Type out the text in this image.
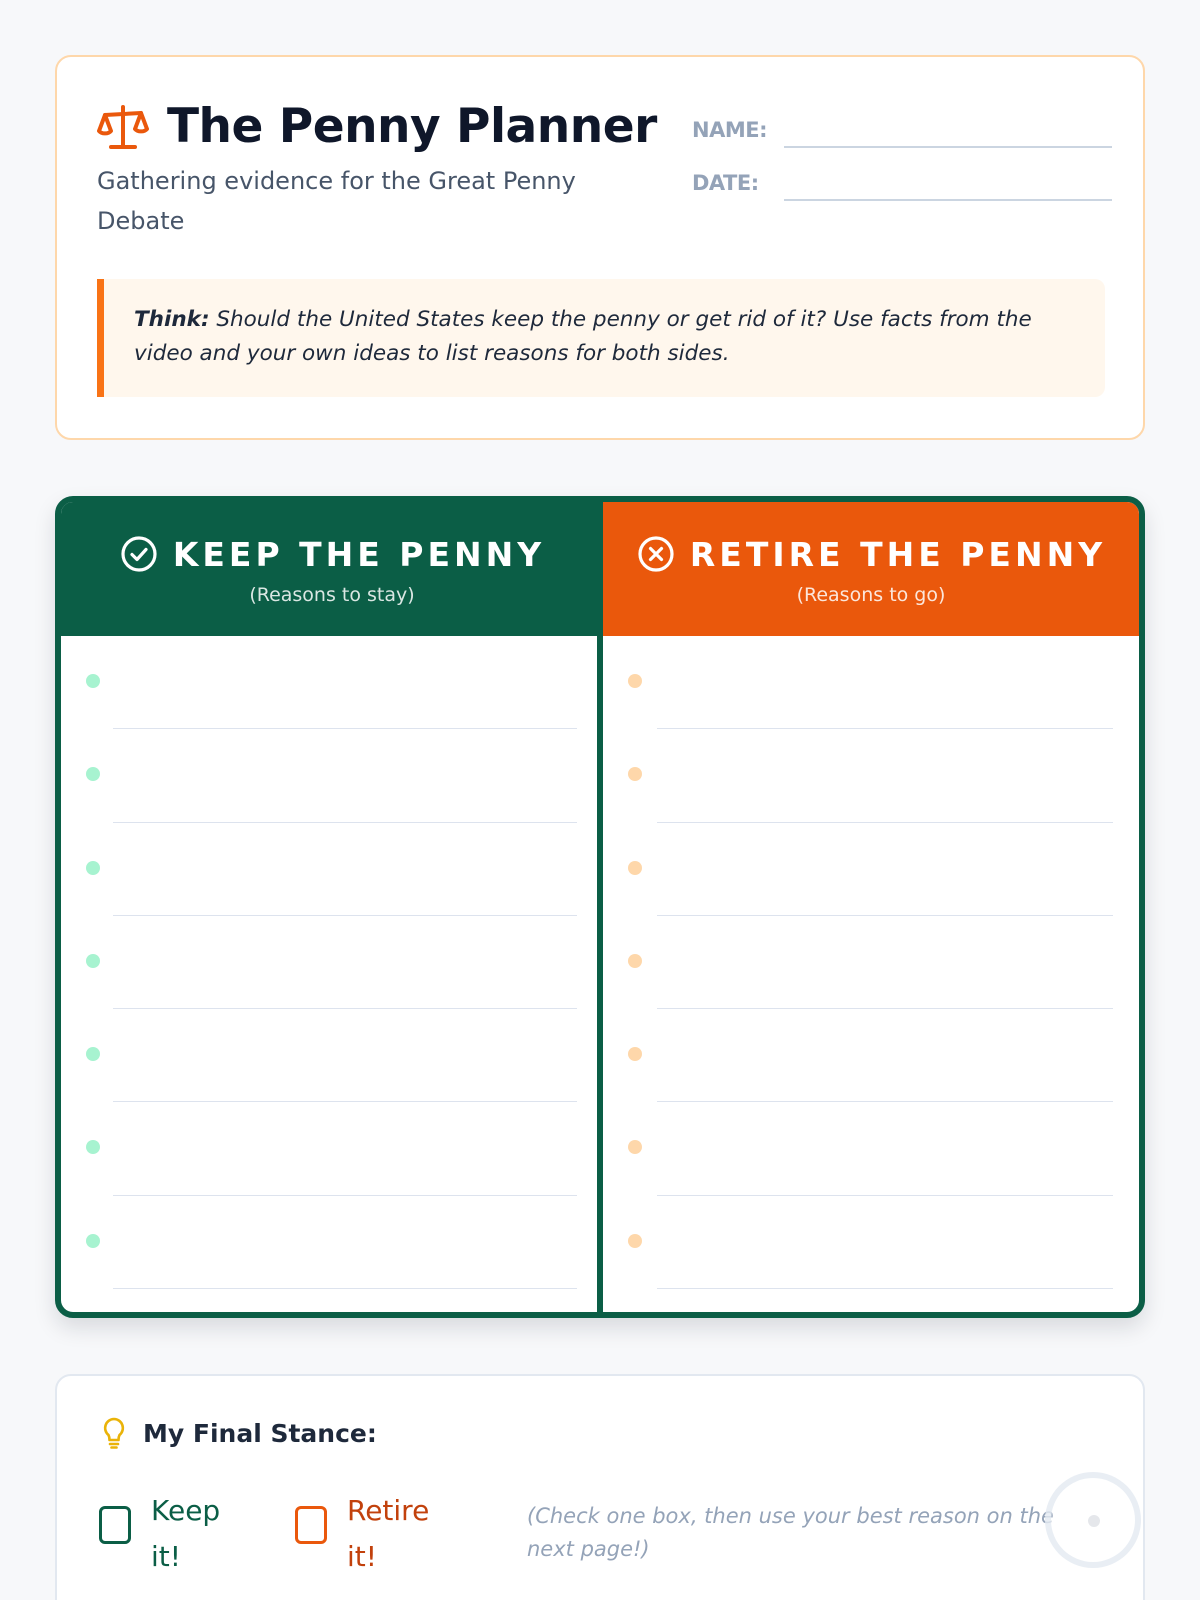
The Penny Planner
Gathering evidence for the Great Penny Debate
NAME:
DATE:
Think: Should the United States keep the penny or get rid of it? Use facts from the video and your own ideas to list reasons for both sides.
KEEP THE PENNY
(Reasons to stay)
RETIRE THE PENNY
(Reasons to go)
My Final Stance:
Keep it!
Retire it!
(Check one box, then use your best reason on the next page!)
